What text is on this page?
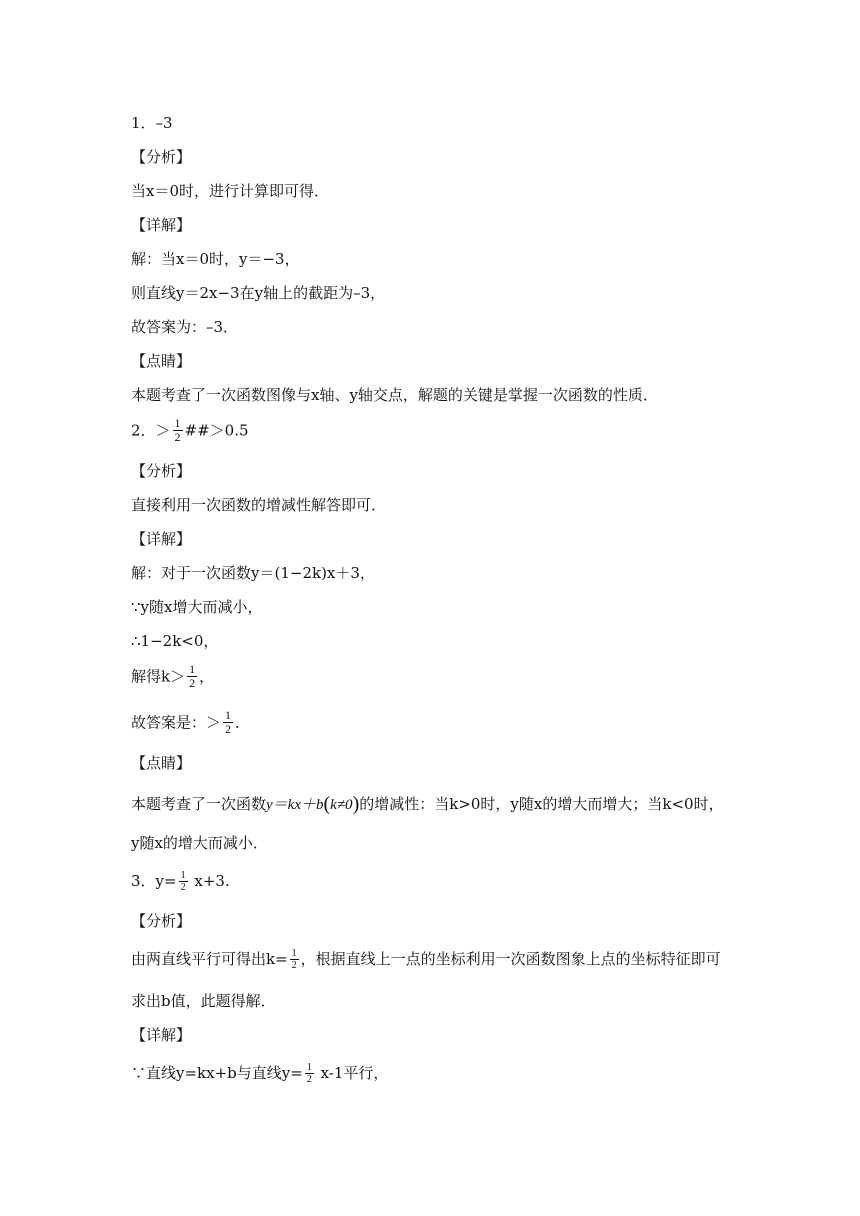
1．–3
【分析】
当x＝0时，进行计算即可得．
【详解】
解：当x＝0时，y＝−3，
则直线y＝2x−3在y轴上的截距为–3，
故答案为：–3．
【点睛】
本题考查了一次函数图像与x轴、y轴交点，解题的关键是掌握一次函数的性质．
2．＞ $\frac{1}{2}$ ##＞0.5
【分析】
直接利用一次函数的增减性解答即可．
【详解】
解：对于一次函数y＝(1−2k)x＋3，
∵y随x增大而减小，
∴1−2k<0，
解得$k> \frac{1}{2}$ ，
故答案是：＞ $\frac{1}{2}$ ．
【点睛】
本题考查了一次函数y＝kx＋b(k≠0)的增减性：当k>0时，y随x的增大而增大；当k<0时，
y随x的增大而减小．
3．$y= \frac{1}{2} x+3$.
【分析】
由两直线平行可得出$k= \frac{1}{2}$ ，根据直线上一点的坐标利用一次函数图象上点的坐标特征即可
求出b值，此题得解．
【详解】
∵直线y=kx+b与直线$y= \frac{1}{2} x-1$平行，
